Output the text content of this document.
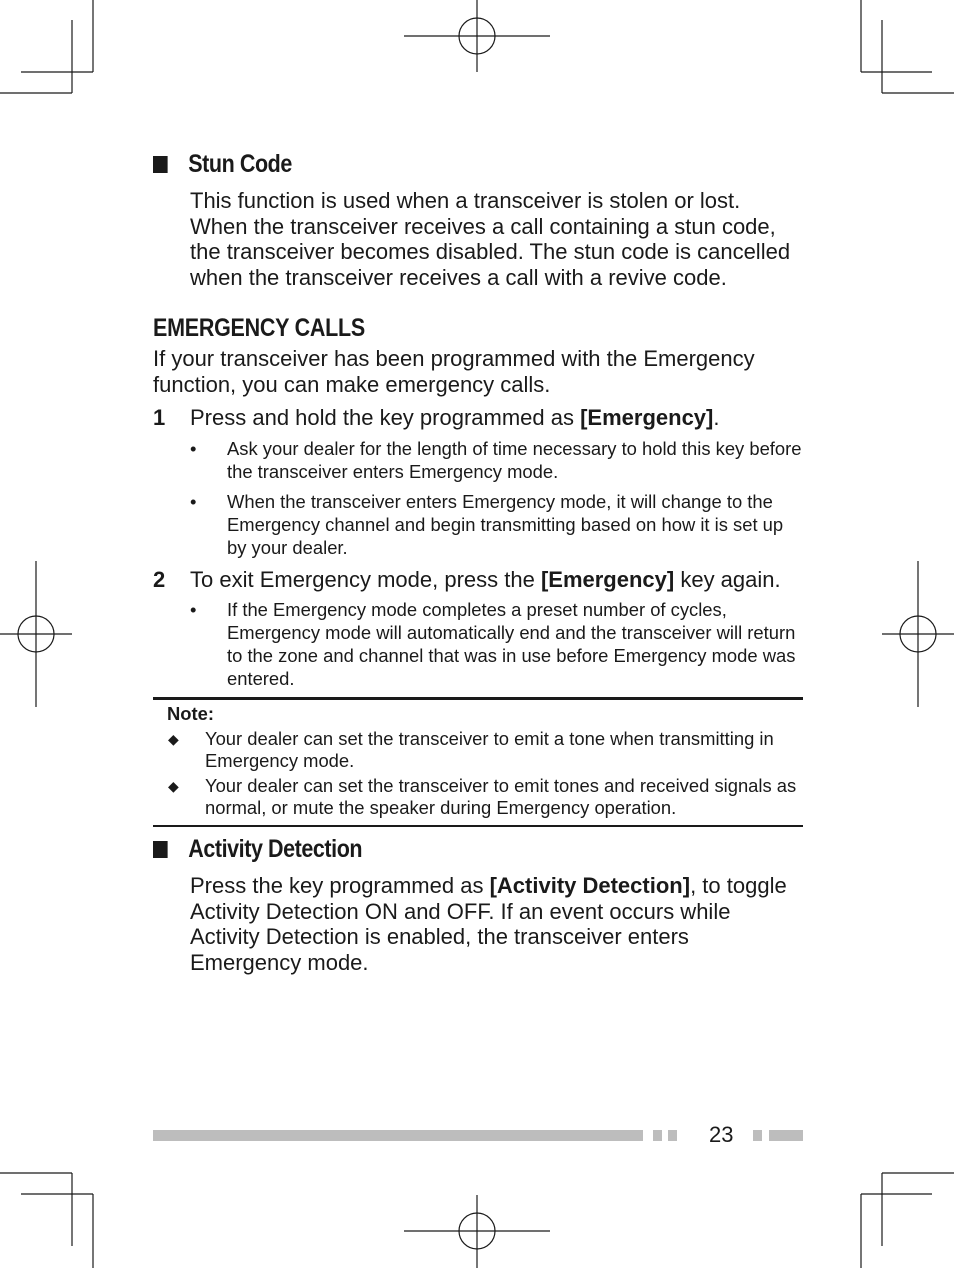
Stun Code

This function is used when a transceiver is stolen or lost. When the transceiver receives a call containing a stun code, the transceiver becomes disabled. The stun code is cancelled when the transceiver receives a call with a revive code.

EMERGENCY CALLS

If your transceiver has been programmed with the Emergency function, you can make emergency calls.

1	Press and hold the key programmed as [Emergency].
•	Ask your dealer for the length of time necessary to hold this key before the transceiver enters Emergency mode.
•	When the transceiver enters Emergency mode, it will change to the Emergency channel and begin transmitting based on how it is set up by your dealer.
2	To exit Emergency mode, press the [Emergency] key again.
•	If the Emergency mode completes a preset number of cycles, Emergency mode will automatically end and the transceiver will return to the zone and channel that was in use before Emergency mode was entered.
Note:
◆	Your dealer can set the transceiver to emit a tone when transmitting in Emergency mode.
◆	Your dealer can set the transceiver to emit tones and received signals as normal, or mute the speaker during Emergency operation.
Activity Detection

Press the key programmed as [Activity Detection], to toggle Activity Detection ON and OFF. If an event occurs while Activity Detection is enabled, the transceiver enters Emergency mode.

23
